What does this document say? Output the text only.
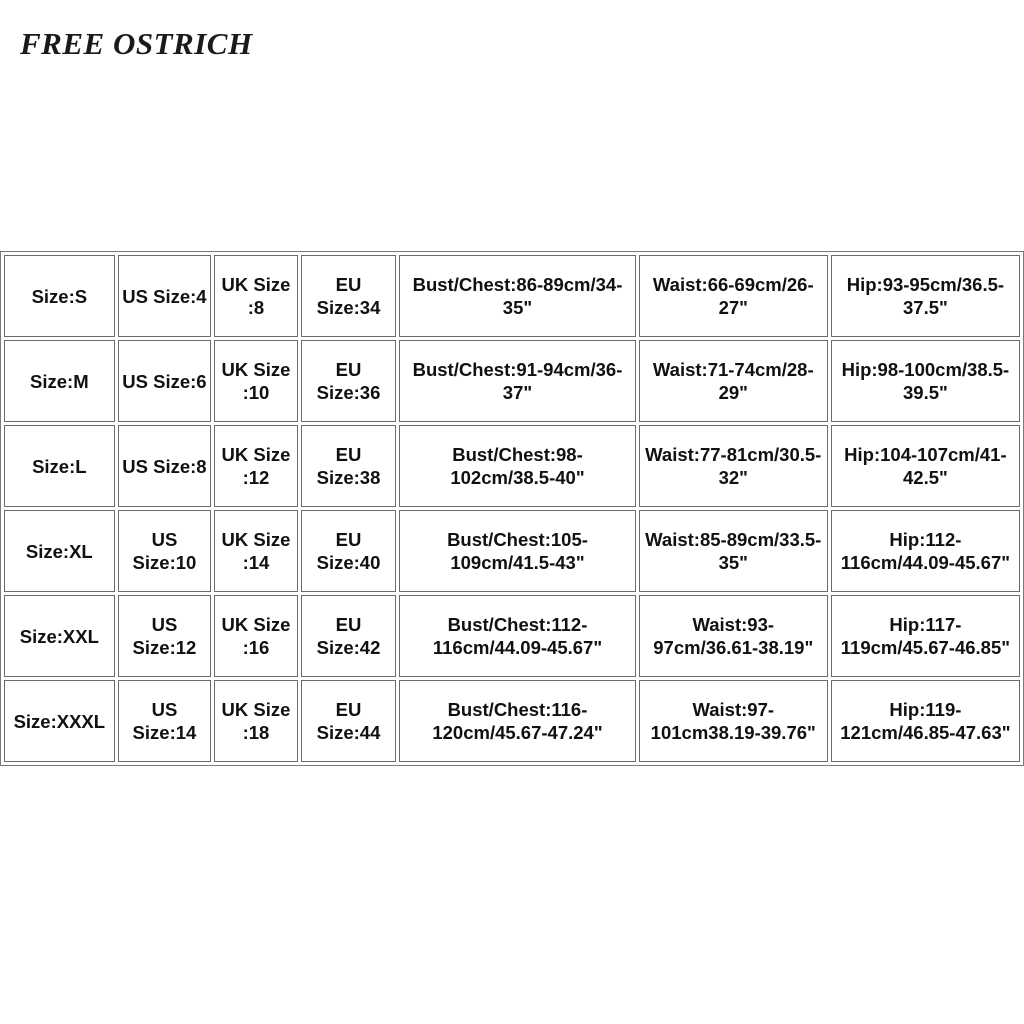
FREE OSTRICH
Size:S	US Size:4	UK Size :8	EU Size:34	Bust/Chest:86-89cm/34-35"	Waist:66-69cm/26-27"	Hip:93-95cm/36.5-37.5"
Size:M	US Size:6	UK Size :10	EU Size:36	Bust/Chest:91-94cm/36-37"	Waist:71-74cm/28-29"	Hip:98-100cm/38.5-39.5"
Size:L	US Size:8	UK Size :12	EU Size:38	Bust/Chest:98-102cm/38.5-40"	Waist:77-81cm/30.5-32"	Hip:104-107cm/41-42.5"
Size:XL	US Size:10	UK Size :14	EU Size:40	Bust/Chest:105-109cm/41.5-43"	Waist:85-89cm/33.5-35"	Hip:112-116cm/44.09-45.67"
Size:XXL	US Size:12	UK Size :16	EU Size:42	Bust/Chest:112-116cm/44.09-45.67"	Waist:93-97cm/36.61-38.19"	Hip:117-119cm/45.67-46.85"
Size:XXXL	US Size:14	UK Size :18	EU Size:44	Bust/Chest:116-120cm/45.67-47.24"	Waist:97-101cm38.19-39.76"	Hip:119-121cm/46.85-47.63"
